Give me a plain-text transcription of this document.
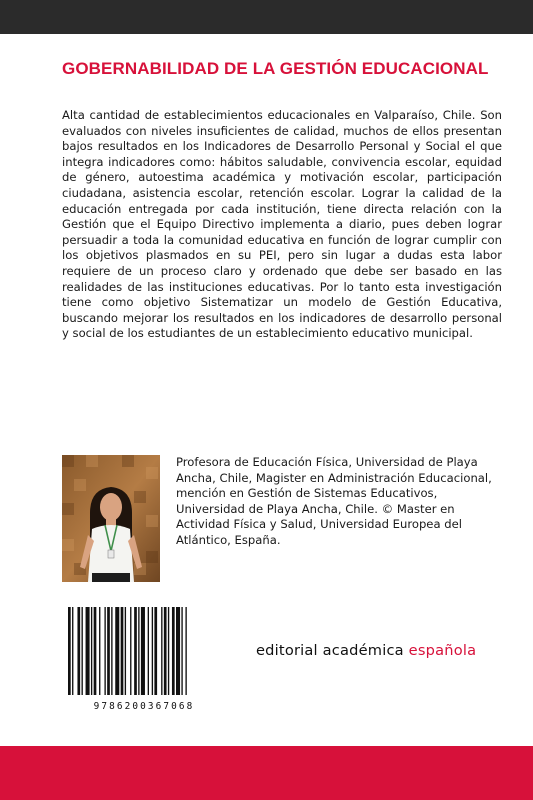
GOBERNABILIDAD DE LA GESTIÓN EDUCACIONAL

Alta cantidad de establecimientos educacionales en Valparaíso, Chile. Son evaluados con niveles insuficientes de calidad, muchos de ellos presentan bajos resultados en los Indicadores de Desarrollo Personal y Social el que integra indicadores como: hábitos saludable, convivencia escolar, equidad de género, autoestima académica y motivación escolar, participación ciudadana, asistencia escolar, retención escolar. Lograr la calidad de la educación entregada por cada institución, tiene directa relación con la Gestión que el Equipo Directivo implementa a diario, pues deben lograr persuadir a toda la comunidad educativa en función de lograr cumplir con los objetivos plasmados en su PEI, pero sin lugar a dudas esta labor requiere de un proceso claro y ordenado que debe ser basado en las realidades de las instituciones educativas. Por lo tanto esta investigación tiene como objetivo Sistematizar un modelo de Gestión Educativa, buscando mejorar los resultados en los indicadores de desarrollo personal y social de los estudiantes de un establecimiento educativo municipal.

Profesora de Educación Física, Universidad de Playa Ancha, Chile, Magister en Administración Educacional, mención en Gestión de Sistemas Educativos, Universidad de Playa Ancha, Chile. © Master en Actividad Física y Salud, Universidad Europea del Atlántico, España.

9786200367068

editorial académica española
